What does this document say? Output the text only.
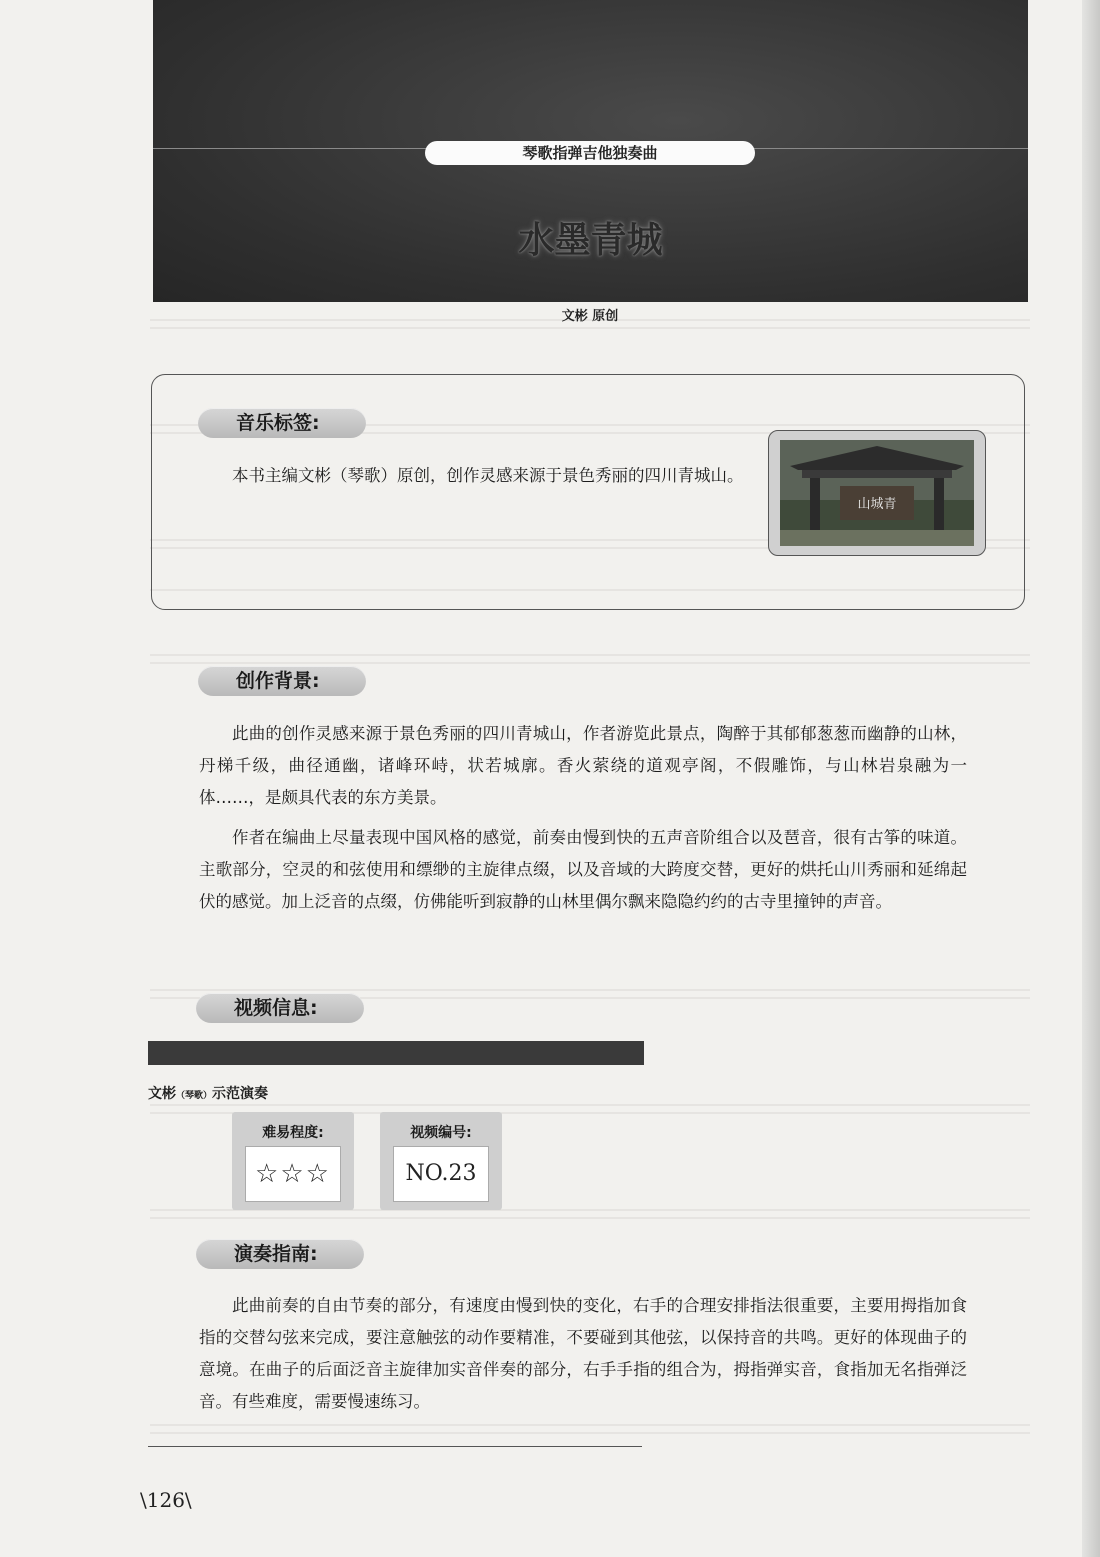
琴歌指弹吉他独奏曲
水墨青城
文彬 原创
音乐标签:
本书主编文彬（琴歌）原创，创作灵感来源于景色秀丽的四川青城山。
山城青
创作背景:
此曲的创作灵感来源于景色秀丽的四川青城山，作者游览此景点，陶醉于其郁郁葱葱而幽静的山林，丹梯千级，曲径通幽，诸峰环峙，状若城廓。香火萦绕的道观亭阁，不假雕饰，与山林岩泉融为一体……，是颇具代表的东方美景。
作者在编曲上尽量表现中国风格的感觉，前奏由慢到快的五声音阶组合以及琶音，很有古筝的味道。主歌部分，空灵的和弦使用和缥缈的主旋律点缀，以及音域的大跨度交替，更好的烘托山川秀丽和延绵起伏的感觉。加上泛音的点缀，仿佛能听到寂静的山林里偶尔飘来隐隐约约的古寺里撞钟的声音。
视频信息:
文彬（琴歌）示范演奏
难易程度:
☆☆☆
视频编号:
NO.23
演奏指南:
此曲前奏的自由节奏的部分，有速度由慢到快的变化，右手的合理安排指法很重要，主要用拇指加食指的交替勾弦来完成，要注意触弦的动作要精准，不要碰到其他弦，以保持音的共鸣。更好的体现曲子的意境。在曲子的后面泛音主旋律加实音伴奏的部分，右手手指的组合为，拇指弹实音，食指加无名指弹泛音。有些难度，需要慢速练习。
\126\
